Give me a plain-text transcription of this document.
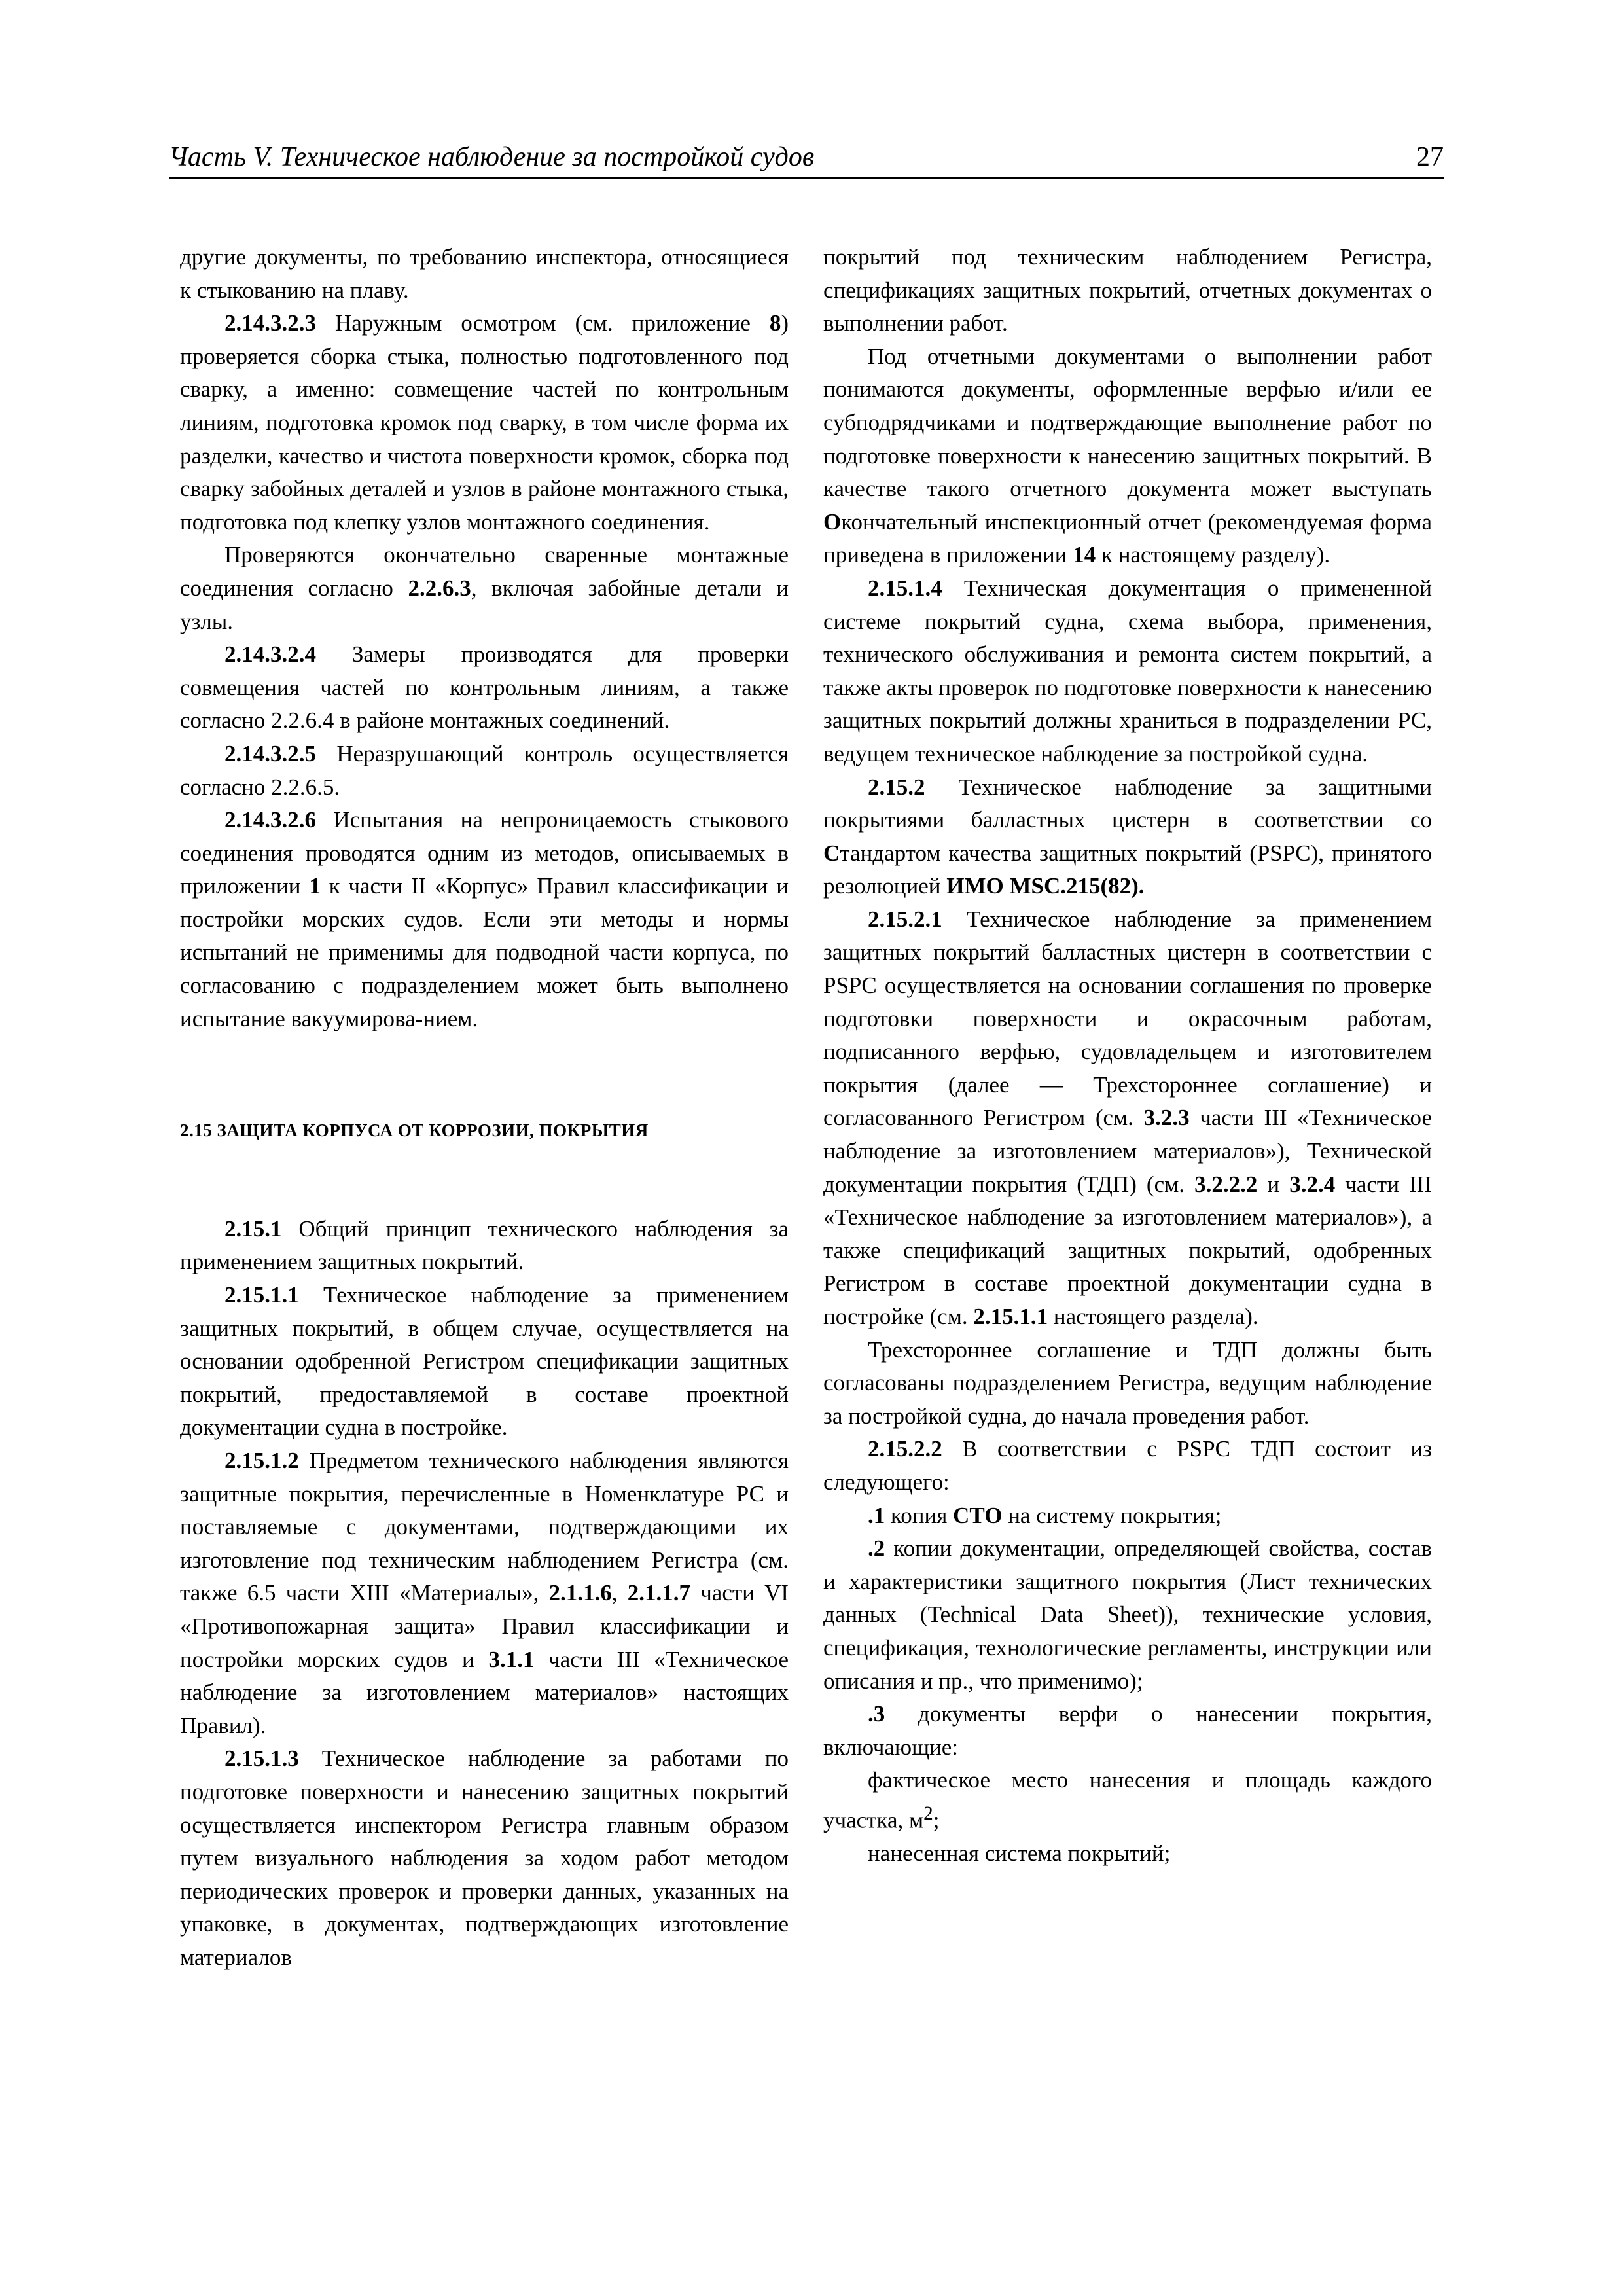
Часть V. Техническое наблюдение за постройкой судов	27

другие документы, по требованию инспектора, относящиеся к стыкованию на плаву.

2.14.3.2.3 Наружным осмотром (см. приложение 8) проверяется сборка стыка, полностью подготовленного под сварку, а именно: совмещение частей по контрольным линиям, подготовка кромок под сварку, в том числе форма их разделки, качество и чистота поверхности кромок, сборка под сварку забойных деталей и узлов в районе монтажного стыка, подготовка под клепку узлов монтажного соединения.

Проверяются окончательно сваренные монтажные соединения согласно 2.2.6.3, включая забойные детали и узлы.

2.14.3.2.4 Замеры производятся для проверки совмещения частей по контрольным линиям, а также согласно 2.2.6.4 в районе монтажных соединений.

2.14.3.2.5 Неразрушающий контроль осуществляется согласно 2.2.6.5.

2.14.3.2.6 Испытания на непроницаемость стыкового соединения проводятся одним из методов, описываемых в приложении 1 к части II «Корпус» Правил классификации и постройки морских судов. Если эти методы и нормы испытаний не применимы для подводной части корпуса, по согласованию с подразделением может быть выполнено испытание вакуумирова-нием.

2.15 ЗАЩИТА КОРПУСА ОТ КОРРОЗИИ, ПОКРЫТИЯ

2.15.1 Общий принцип технического наблюдения за применением защитных покрытий.

2.15.1.1 Техническое наблюдение за применением защитных покрытий, в общем случае, осуществляется на основании одобренной Регистром спецификации защитных покрытий, предоставляемой в составе проектной документации судна в постройке.

2.15.1.2 Предметом технического наблюдения являются защитные покрытия, перечисленные в Номенклатуре РС и поставляемые с документами, подтверждающими их изготовление под техническим наблюдением Регистра (см. также 6.5 части XIII «Материалы», 2.1.1.6, 2.1.1.7 части VI «Противопожарная защита» Правил классификации и постройки морских судов и 3.1.1 части III «Техническое наблюдение за изготовлением материалов» настоящих Правил).

2.15.1.3 Техническое наблюдение за работами по подготовке поверхности и нанесению защитных покрытий осуществляется инспектором Регистра главным образом путем визуального наблюдения за ходом работ методом периодических проверок и проверки данных, указанных на упаковке, в документах, подтверждающих изготовление материалов

покрытий под техническим наблюдением Регистра, спецификациях защитных покрытий, отчетных документах о выполнении работ.

Под отчетными документами о выполнении работ понимаются документы, оформленные верфью и/или ее субподрядчиками и подтверждающие выполнение работ по подготовке поверхности к нанесению защитных покрытий. В качестве такого отчетного документа может выступать Окончательный инспекционный отчет (рекомендуемая форма приведена в приложении 14 к настоящему разделу).

2.15.1.4 Техническая документация о примененной системе покрытий судна, схема выбора, применения, технического обслуживания и ремонта систем покрытий, а также акты проверок по подготовке поверхности к нанесению защитных покрытий должны храниться в подразделении РС, ведущем техническое наблюдение за постройкой судна.

2.15.2 Техническое наблюдение за защитными покрытиями балластных цистерн в соответствии со Стандартом качества защитных покрытий (PSPC), принятого резолюцией ИМО MSC.215(82).

2.15.2.1 Техническое наблюдение за применением защитных покрытий балластных цистерн в соответствии с PSPC осуществляется на основании соглашения по проверке подготовки поверхности и окрасочным работам, подписанного верфью, судовладельцем и изготовителем покрытия (далее — Трехстороннее соглашение) и согласованного Регистром (см. 3.2.3 части III «Техническое наблюдение за изготовлением материалов»), Технической документации покрытия (ТДП) (см. 3.2.2.2 и 3.2.4 части III «Техническое наблюдение за изготовлением материалов»), а также спецификаций защитных покрытий, одобренных Регистром в составе проектной документации судна в постройке (см. 2.15.1.1 настоящего раздела).

Трехстороннее соглашение и ТДП должны быть согласованы подразделением Регистра, ведущим наблюдение за постройкой судна, до начала проведения работ.

2.15.2.2 В соответствии с PSPC ТДП состоит из следующего:

.1 копия СТО на систему покрытия;

.2 копии документации, определяющей свойства, состав и характеристики защитного покрытия (Лист технических данных (Technical Data Sheet)), технические условия, спецификация, технологические регламенты, инструкции или описания и пр., что применимо);

.3 документы верфи о нанесении покрытия, включающие:

фактическое место нанесения и площадь каждого участка, $м^2$;

нанесенная система покрытий;
